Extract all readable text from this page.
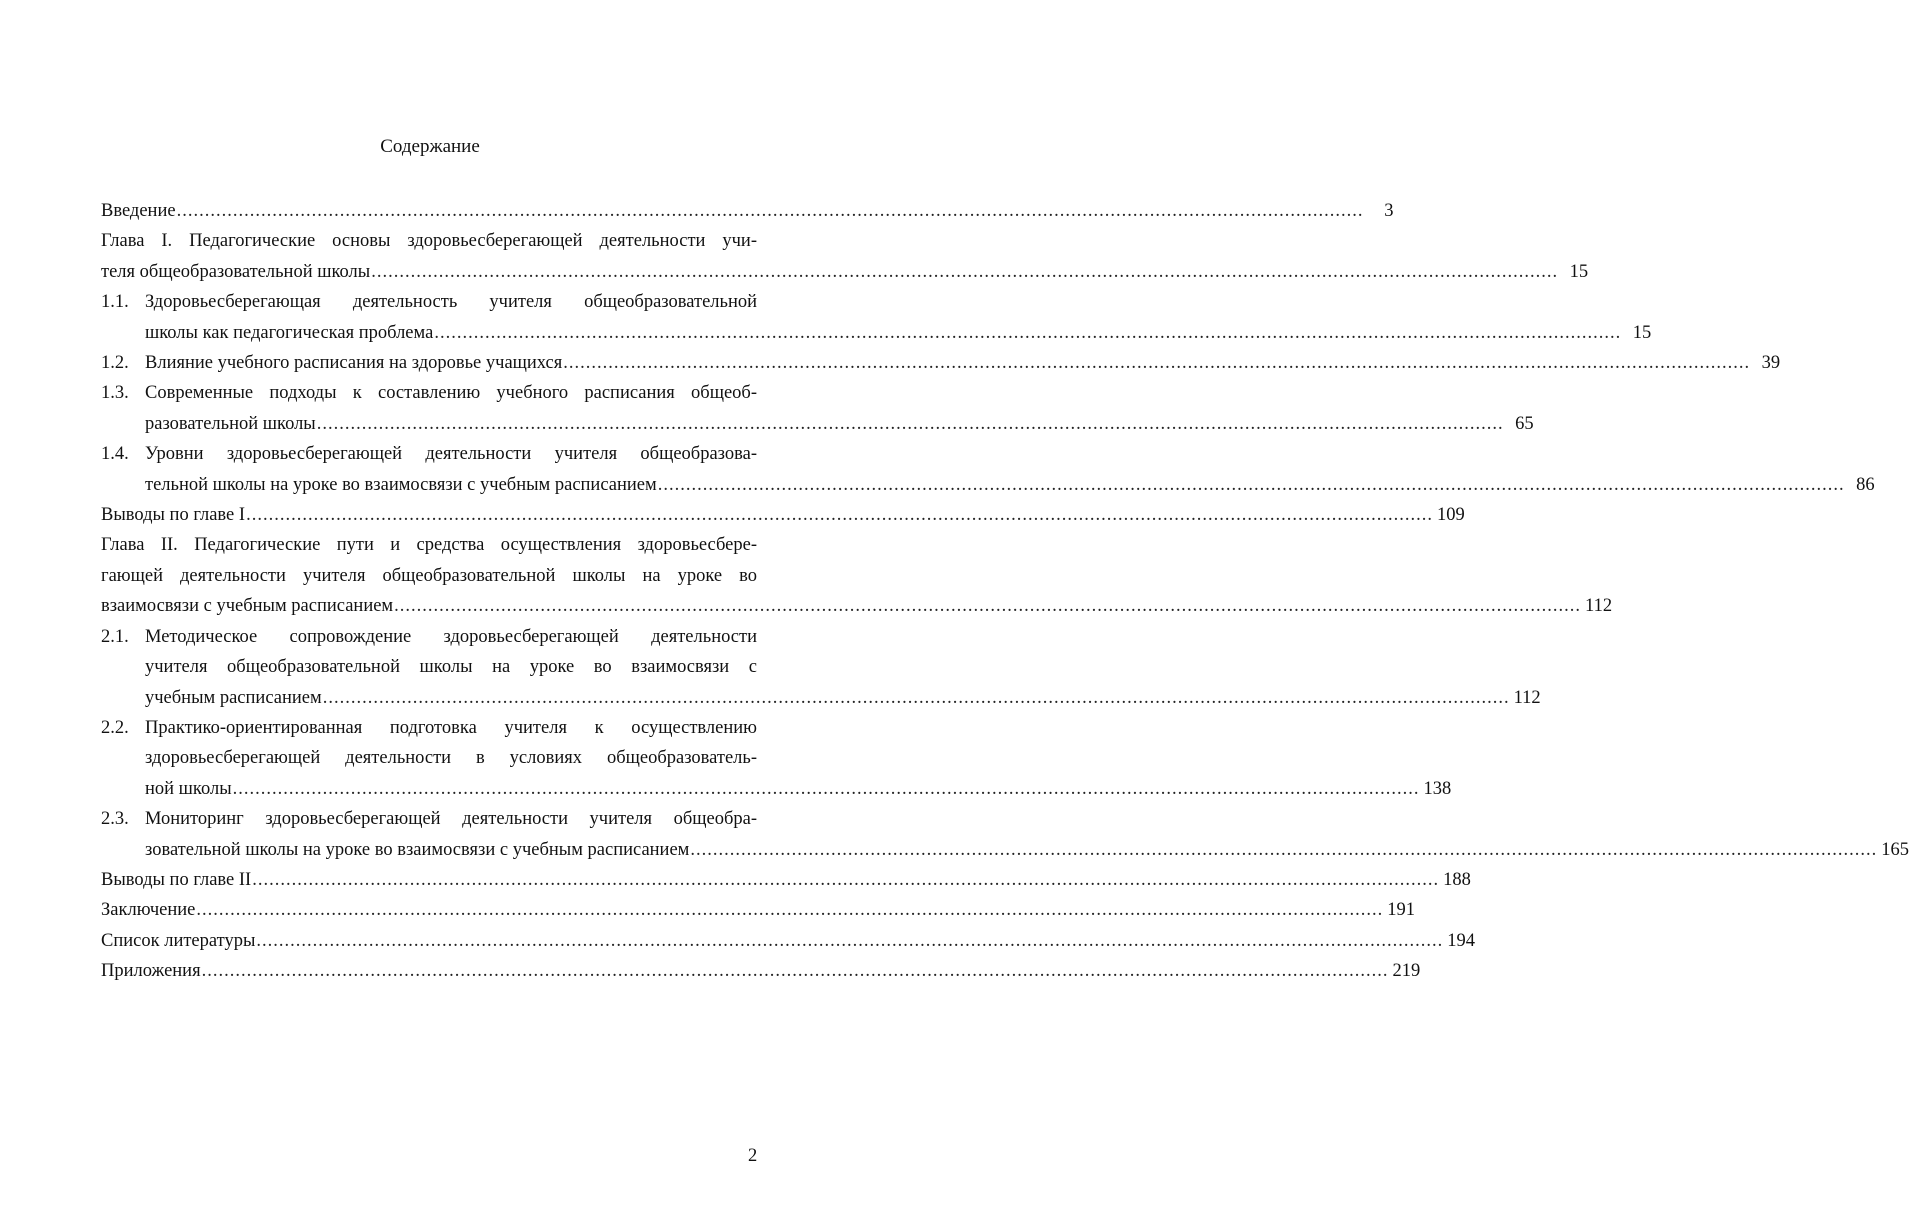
Содержание
Введение ...................................................................................................................................................................................................................	3
Глава I. Педагогические основы здоровьесберегающей деятельности учи-
теля общеобразовательной школы ................................................................................................................................................................................................................... 15
1.1. Здоровьесберегающая деятельность учителя общеобразовательной
школы как педагогическая проблема ................................................................................................................................................................................................................... 15
1.2. Влияние учебного расписания на здоровье учащихся ................................................................................................................................................................................................................... 39
1.3. Современные подходы к составлению учебного расписания общеоб-
разовательной школы ................................................................................................................................................................................................................... 65
1.4. Уровни здоровьесберегающей деятельности учителя общеобразова-
тельной школы на уроке во взаимосвязи с учебным расписанием ................................................................................................................................................................................................................... 86
Выводы по главе I ................................................................................................................................................................................................................... 109
Глава II. Педагогические пути и средства осуществления здоровьесбере-
гающей деятельности учителя общеобразовательной школы на уроке во
взаимосвязи с учебным расписанием ................................................................................................................................................................................................................... 112
2.1. Методическое сопровождение здоровьесберегающей деятельности
учителя общеобразовательной школы на уроке во взаимосвязи с
учебным расписанием ................................................................................................................................................................................................................... 112
2.2. Практико-ориентированная подготовка учителя к осуществлению
здоровьесберегающей деятельности в условиях общеобразователь-
ной школы ................................................................................................................................................................................................................... 138
2.3. Мониторинг здоровьесберегающей деятельности учителя общеобра-
зовательной школы на уроке во взаимосвязи с учебным расписанием ................................................................................................................................................................................................................... 165
Выводы по главе II ................................................................................................................................................................................................................... 188
Заключение ................................................................................................................................................................................................................... 191
Список литературы ................................................................................................................................................................................................................... 194
Приложения ................................................................................................................................................................................................................... 219
2
